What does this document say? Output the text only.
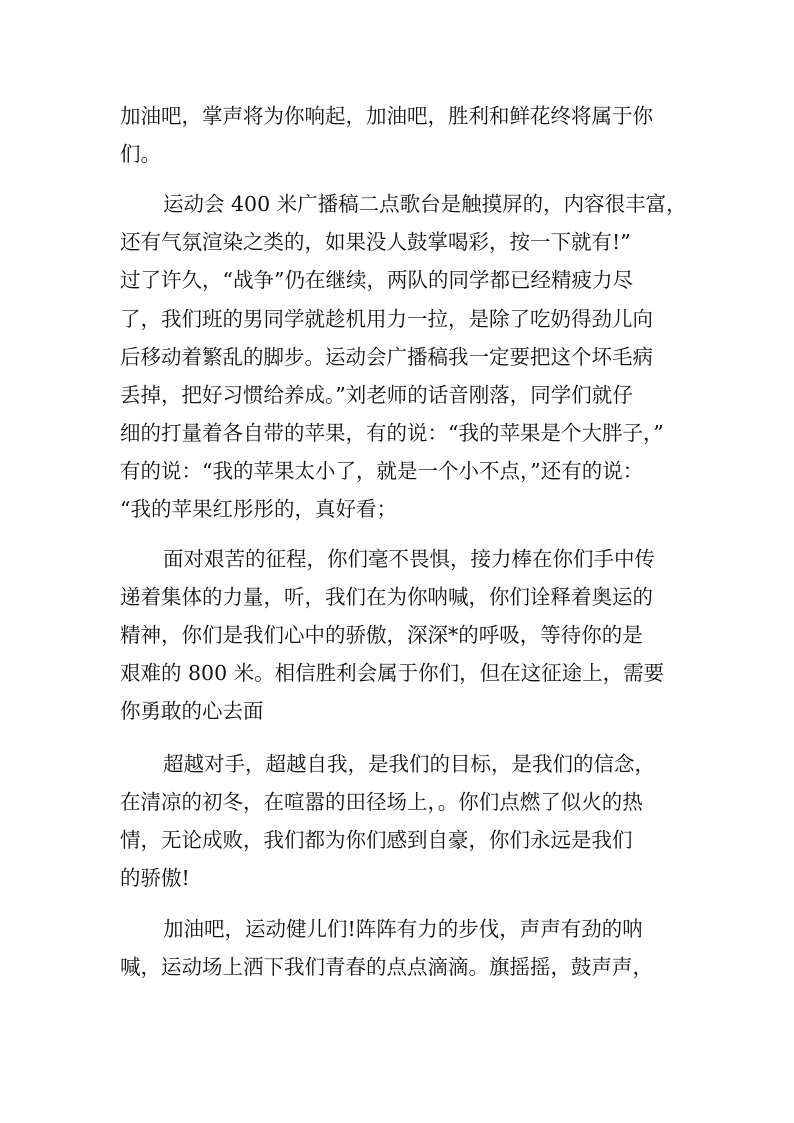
加油吧，掌声将为你响起，加油吧，胜利和鲜花终将属于你
们。
运动会 400 米广播稿二点歌台是触摸屏的，内容很丰富，
还有气氛渲染之类的，如果没人鼓掌喝彩，按一下就有!”
过了许久，“战争”仍在继续，两队的同学都已经精疲力尽
了，我们班的男同学就趁机用力一拉，是除了吃奶得劲儿向
后移动着繁乱的脚步。运动会广播稿我一定要把这个坏毛病
丢掉，把好习惯给养成。”刘老师的话音刚落，同学们就仔
细的打量着各自带的苹果，有的说：“我的苹果是个大胖子，”
有的说：“我的苹果太小了，就是一个小不点，”还有的说：
“我的苹果红彤彤的，真好看；
面对艰苦的征程，你们毫不畏惧，接力棒在你们手中传
递着集体的力量，听，我们在为你呐喊，你们诠释着奥运的
精神，你们是我们心中的骄傲，深深*的呼吸，等待你的是
艰难的 800 米。相信胜利会属于你们，但在这征途上，需要
你勇敢的心去面
超越对手，超越自我，是我们的目标，是我们的信念，
在清凉的初冬，在喧嚣的田径场上，。你们点燃了似火的热
情，无论成败，我们都为你们感到自豪，你们永远是我们
的骄傲!
加油吧，运动健儿们!阵阵有力的步伐，声声有劲的呐
喊，运动场上洒下我们青春的点点滴滴。旗摇摇，鼓声声，
